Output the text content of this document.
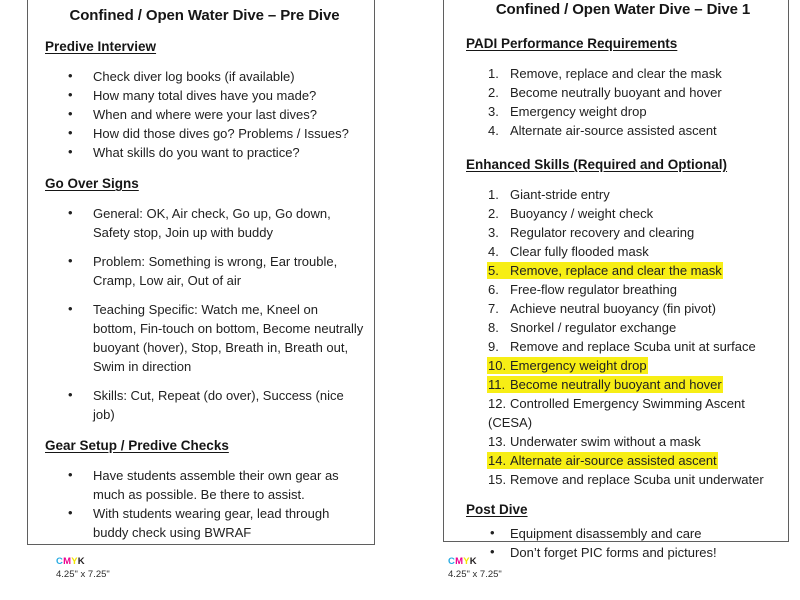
Confined / Open Water Dive – Pre Dive
Predive Interview
• Check diver log books (if available)
• How many total dives have you made?
• When and where were your last dives?
• How did those dives go? Problems / Issues?
• What skills do you want to practice?
Go Over Signs
• General: OK, Air check, Go up, Go down, Safety stop, Join up with buddy
• Problem: Something is wrong, Ear trouble, Cramp, Low air, Out of air
• Teaching Specific: Watch me, Kneel on bottom, Fin-touch on bottom, Become neutrally buoyant (hover), Stop, Breath in, Breath out, Swim in direction
• Skills: Cut, Repeat (do over), Success (nice job)
Gear Setup / Predive Checks
• Have students assemble their own gear as much as possible. Be there to assist.
• With students wearing gear, lead through buddy check using BWRAF
CMYK
4.25" x 7.25"
Confined / Open Water Dive – Dive 1
PADI Performance Requirements
1. Remove, replace and clear the mask
2. Become neutrally buoyant and hover
3. Emergency weight drop
4. Alternate air-source assisted ascent
Enhanced Skills (Required and Optional)
1. Giant-stride entry
2. Buoyancy / weight check
3. Regulator recovery and clearing
4. Clear fully flooded mask
5. Remove, replace and clear the mask
6. Free-flow regulator breathing
7. Achieve neutral buoyancy (fin pivot)
8. Snorkel / regulator exchange
9. Remove and replace Scuba unit at surface
10. Emergency weight drop
11. Become neutrally buoyant and hover
12. Controlled Emergency Swimming Ascent (CESA)
13. Underwater swim without a mask
14. Alternate air-source assisted ascent
15. Remove and replace Scuba unit underwater
Post Dive
• Equipment disassembly and care
• Don’t forget PIC forms and pictures!
CMYK
4.25" x 7.25"
